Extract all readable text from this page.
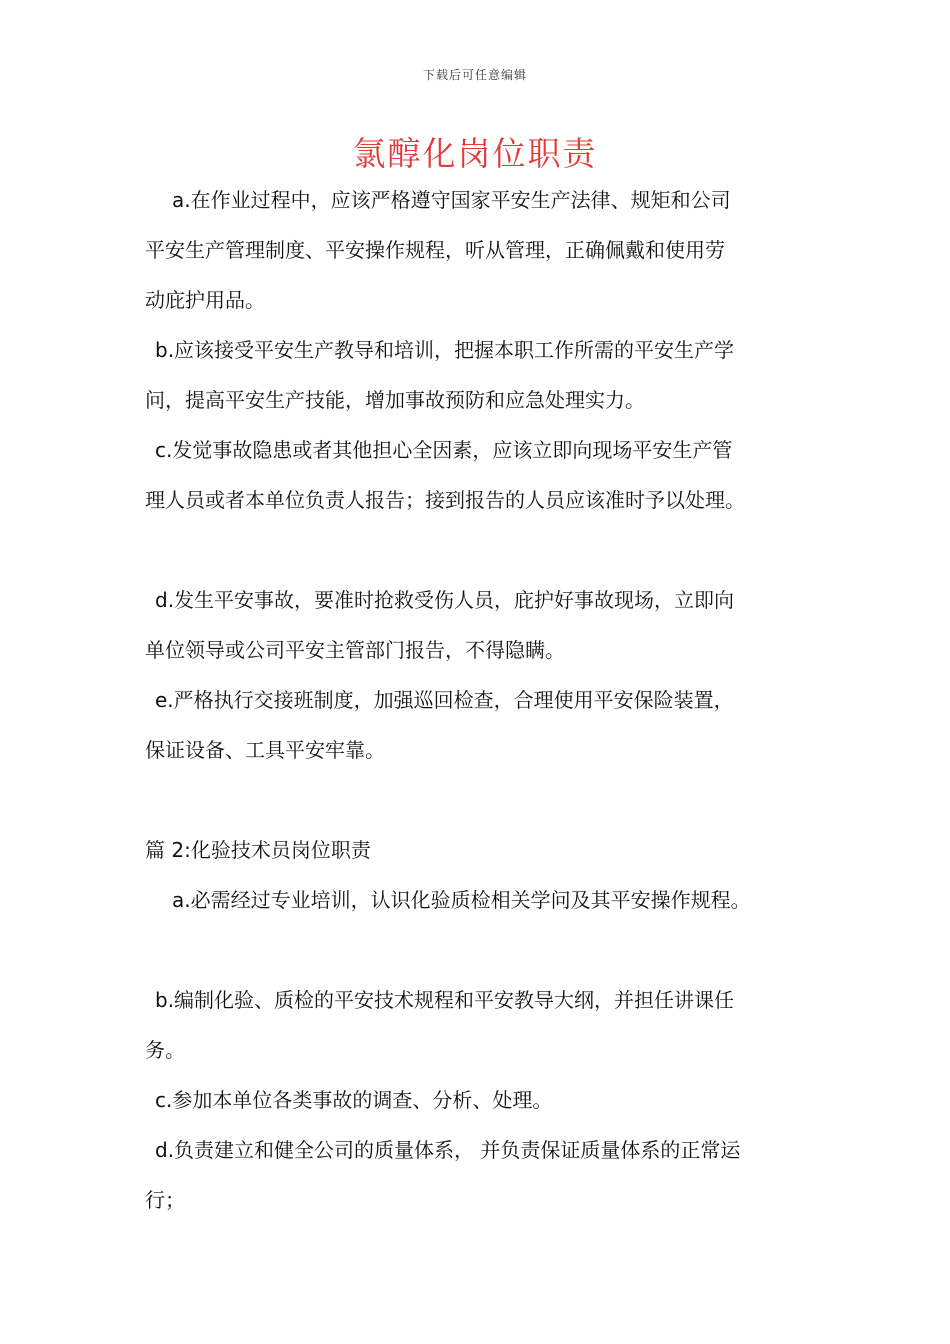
下载后可任意编辑
氯醇化岗位职责
a.在作业过程中，应该严格遵守国家平安生产法律、规矩和公司
平安生产管理制度、平安操作规程，听从管理，正确佩戴和使用劳
动庇护用品。
b.应该接受平安生产教导和培训，把握本职工作所需的平安生产学
问，提高平安生产技能，增加事故预防和应急处理实力。
c.发觉事故隐患或者其他担心全因素，应该立即向现场平安生产管
理人员或者本单位负责人报告；接到报告的人员应该准时予以处理。
d.发生平安事故，要准时抢救受伤人员，庇护好事故现场，立即向
单位领导或公司平安主管部门报告，不得隐瞒。
e.严格执行交接班制度，加强巡回检查，合理使用平安保险装置，
保证设备、工具平安牢靠。
篇 2:化验技术员岗位职责
a.必需经过专业培训，认识化验质检相关学问及其平安操作规程。
b.编制化验、质检的平安技术规程和平安教导大纲，并担任讲课任
务。
c.参加本单位各类事故的调查、分析、处理。
d.负责建立和健全公司的质量体系， 并负责保证质量体系的正常运
行；
